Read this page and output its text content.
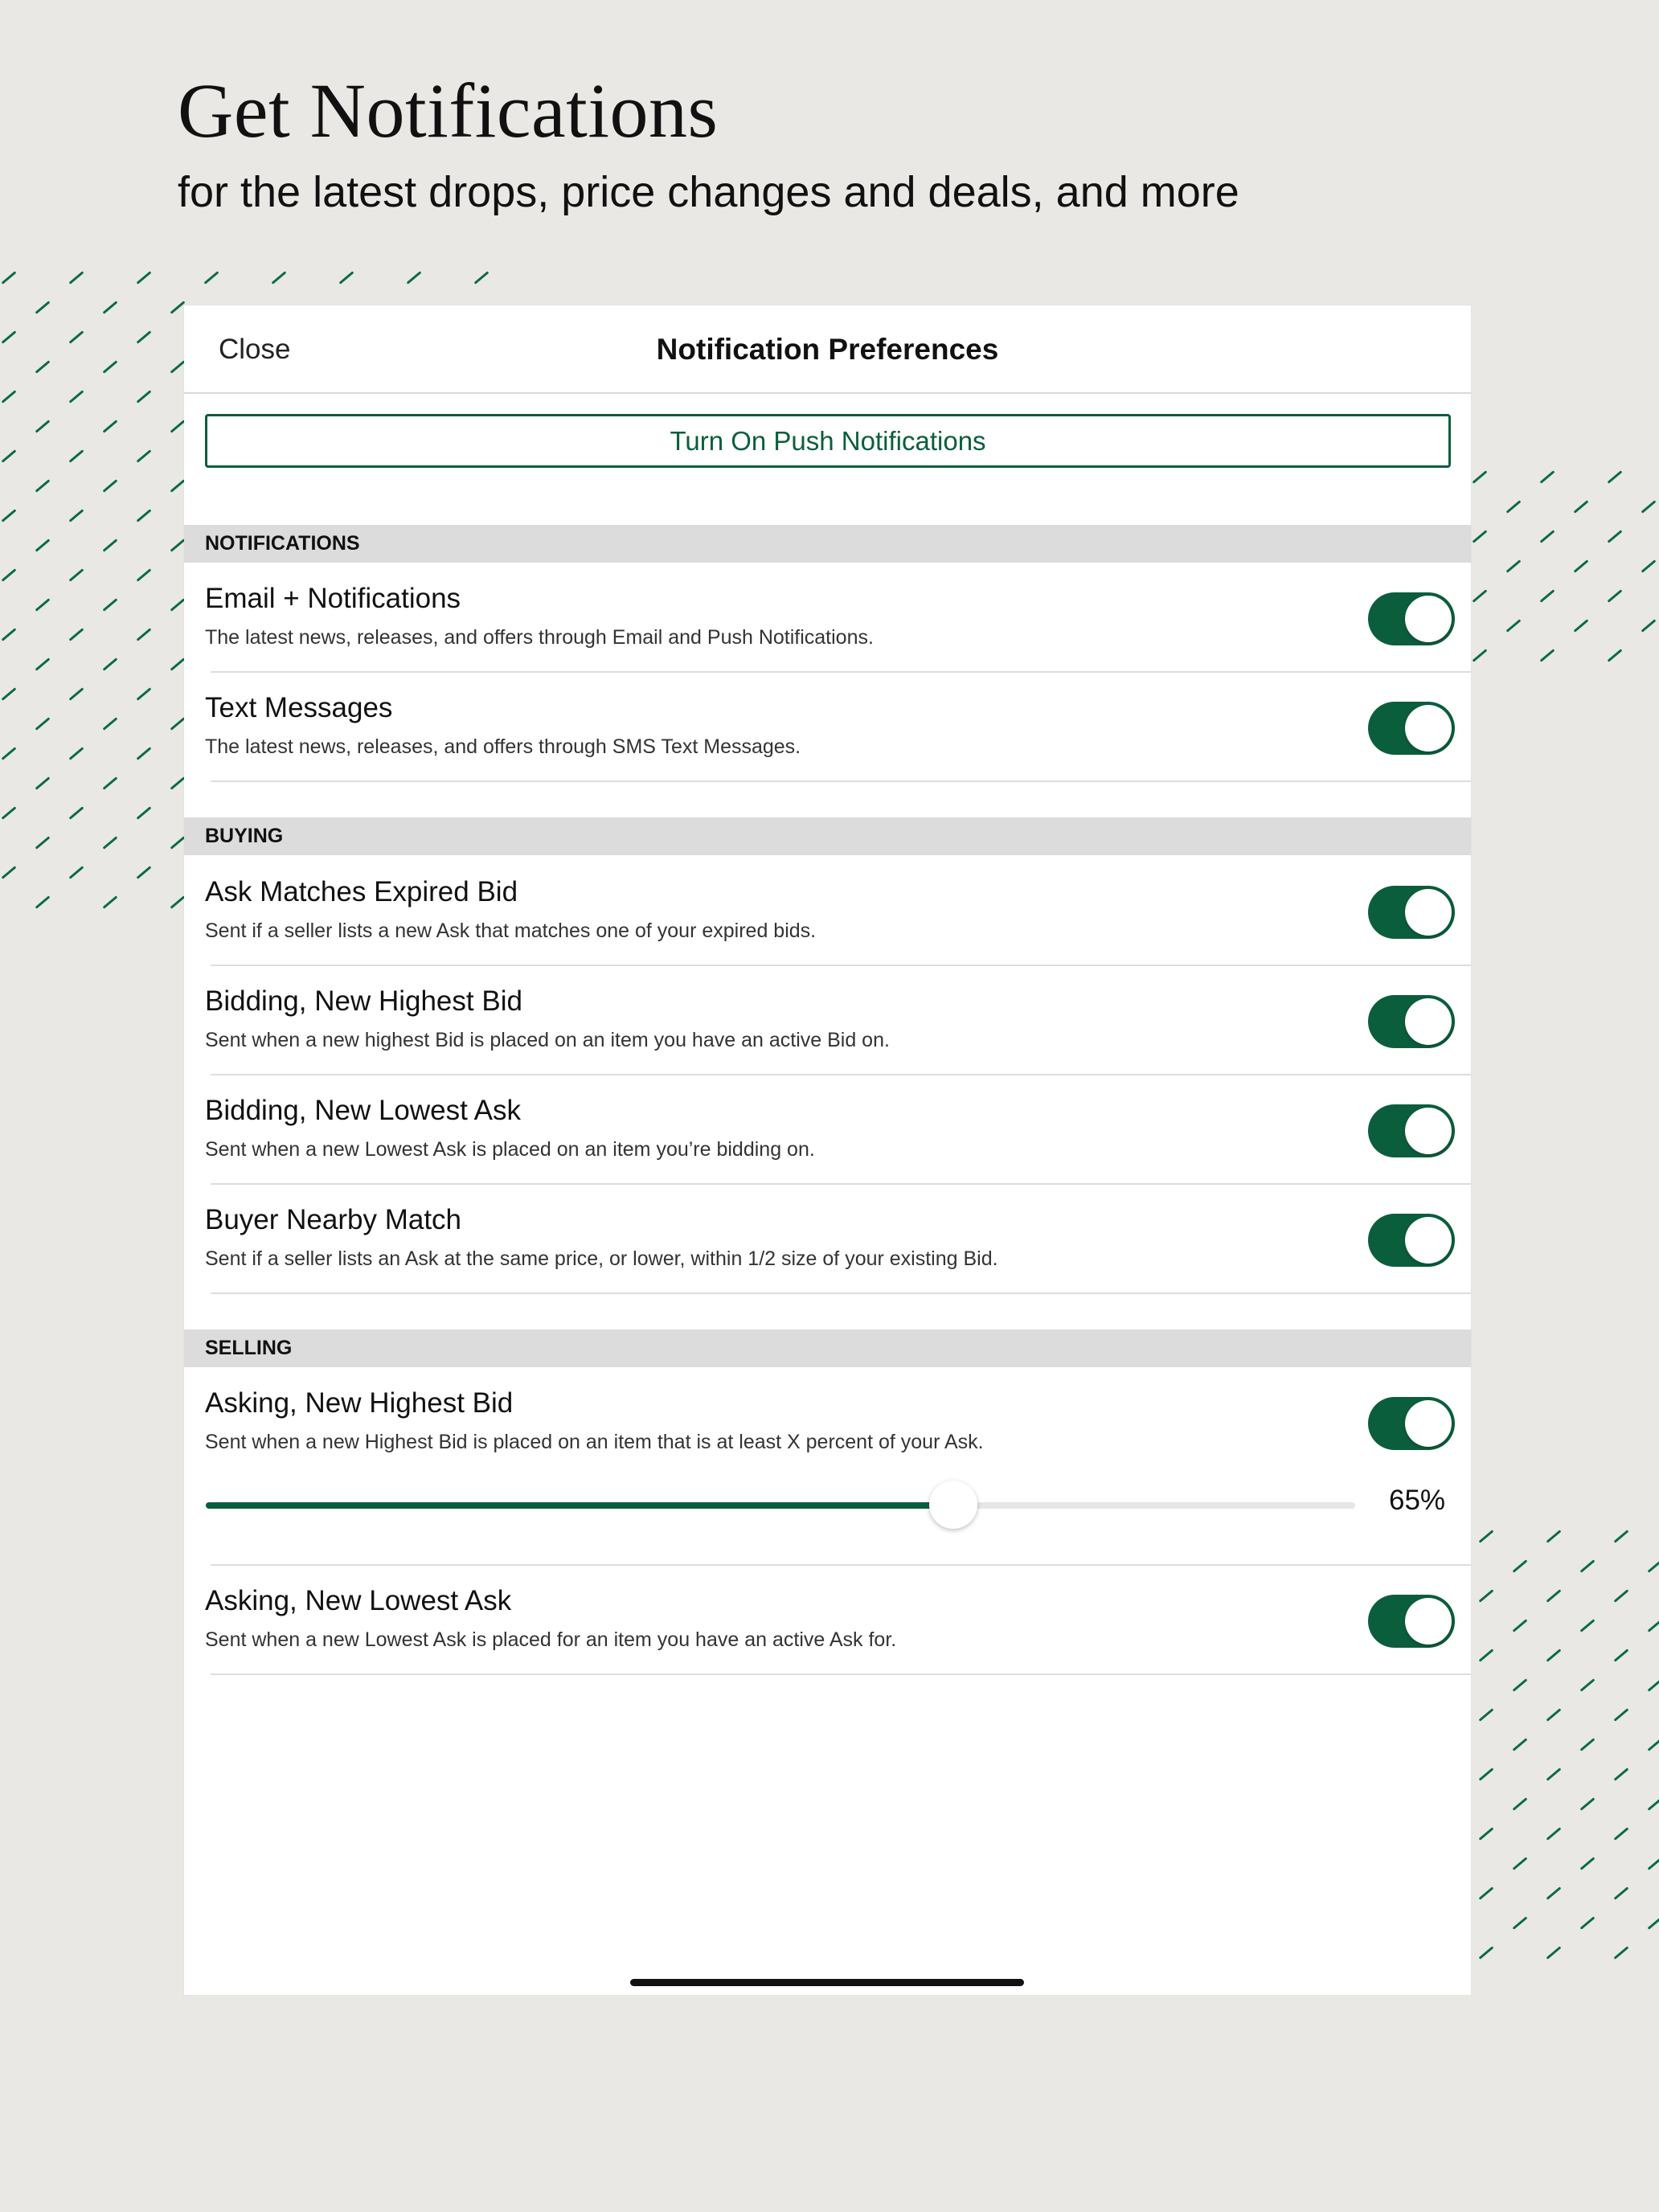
Get Notifications
for the latest drops, price changes and deals, and more
Close	Notification Preferences
Turn On Push Notifications
NOTIFICATIONS
Email + Notifications
The latest news, releases, and offers through Email and Push Notifications.
Text Messages
The latest news, releases, and offers through SMS Text Messages.
BUYING
Ask Matches Expired Bid
Sent if a seller lists a new Ask that matches one of your expired bids.
Bidding, New Highest Bid
Sent when a new highest Bid is placed on an item you have an active Bid on.
Bidding, New Lowest Ask
Sent when a new Lowest Ask is placed on an item you’re bidding on.
Buyer Nearby Match
Sent if a seller lists an Ask at the same price, or lower, within 1/2 size of your existing Bid.
SELLING
Asking, New Highest Bid
Sent when a new Highest Bid is placed on an item that is at least X percent of your Ask.
65%
Asking, New Lowest Ask
Sent when a new Lowest Ask is placed for an item you have an active Ask for.
